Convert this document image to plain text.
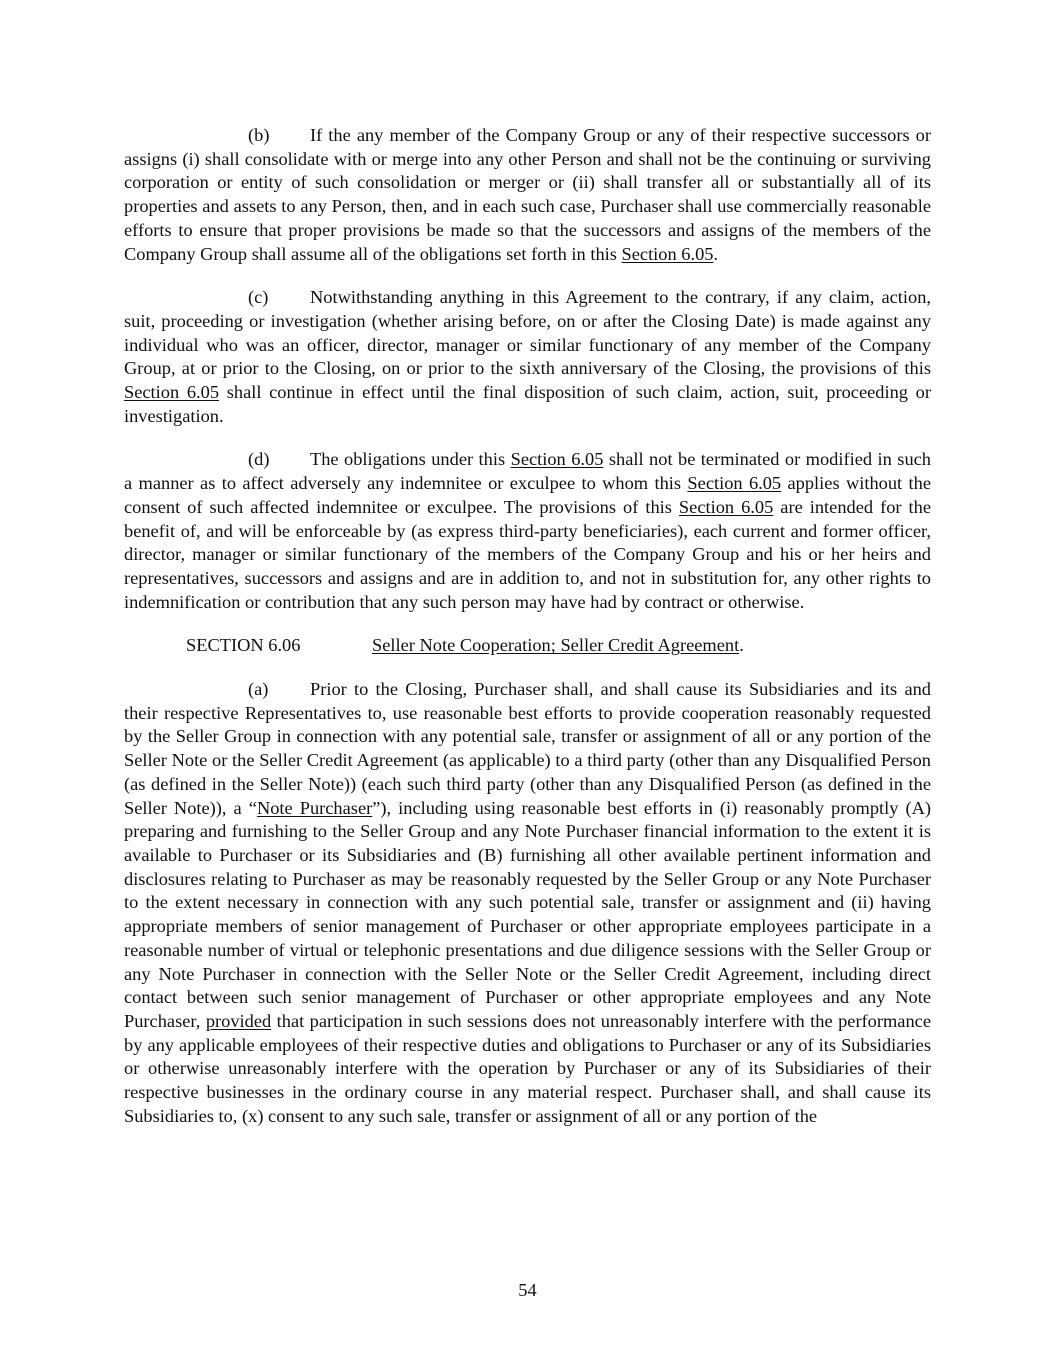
(b) If the any member of the Company Group or any of their respective successors or assigns (i) shall consolidate with or merge into any other Person and shall not be the continuing or surviving corporation or entity of such consolidation or merger or (ii) shall transfer all or substantially all of its properties and assets to any Person, then, and in each such case, Purchaser shall use commercially reasonable efforts to ensure that proper provisions be made so that the successors and assigns of the members of the Company Group shall assume all of the obligations set forth in this Section 6.05.

(c) Notwithstanding anything in this Agreement to the contrary, if any claim, action, suit, proceeding or investigation (whether arising before, on or after the Closing Date) is made against any individual who was an officer, director, manager or similar functionary of any member of the Company Group, at or prior to the Closing, on or prior to the sixth anniversary of the Closing, the provisions of this Section 6.05 shall continue in effect until the final disposition of such claim, action, suit, proceeding or investigation.

(d) The obligations under this Section 6.05 shall not be terminated or modified in such a manner as to affect adversely any indemnitee or exculpee to whom this Section 6.05 applies without the consent of such affected indemnitee or exculpee. The provisions of this Section 6.05 are intended for the benefit of, and will be enforceable by (as express third-party beneficiaries), each current and former officer, director, manager or similar functionary of the members of the Company Group and his or her heirs and representatives, successors and assigns and are in addition to, and not in substitution for, any other rights to indemnification or contribution that any such person may have had by contract or otherwise.

SECTION 6.06	Seller Note Cooperation; Seller Credit Agreement.

(a) Prior to the Closing, Purchaser shall, and shall cause its Subsidiaries and its and their respective Representatives to, use reasonable best efforts to provide cooperation reasonably requested by the Seller Group in connection with any potential sale, transfer or assignment of all or any portion of the Seller Note or the Seller Credit Agreement (as applicable) to a third party (other than any Disqualified Person (as defined in the Seller Note)) (each such third party (other than any Disqualified Person (as defined in the Seller Note)), a “Note Purchaser”), including using reasonable best efforts in (i) reasonably promptly (A) preparing and furnishing to the Seller Group and any Note Purchaser financial information to the extent it is available to Purchaser or its Subsidiaries and (B) furnishing all other available pertinent information and disclosures relating to Purchaser as may be reasonably requested by the Seller Group or any Note Purchaser to the extent necessary in connection with any such potential sale, transfer or assignment and (ii) having appropriate members of senior management of Purchaser or other appropriate employees participate in a reasonable number of virtual or telephonic presentations and due diligence sessions with the Seller Group or any Note Purchaser in connection with the Seller Note or the Seller Credit Agreement, including direct contact between such senior management of Purchaser or other appropriate employees and any Note Purchaser, provided that participation in such sessions does not unreasonably interfere with the performance by any applicable employees of their respective duties and obligations to Purchaser or any of its Subsidiaries or otherwise unreasonably interfere with the operation by Purchaser or any of its Subsidiaries of their respective businesses in the ordinary course in any material respect. Purchaser shall, and shall cause its Subsidiaries to, (x) consent to any such sale, transfer or assignment of all or any portion of the

54
